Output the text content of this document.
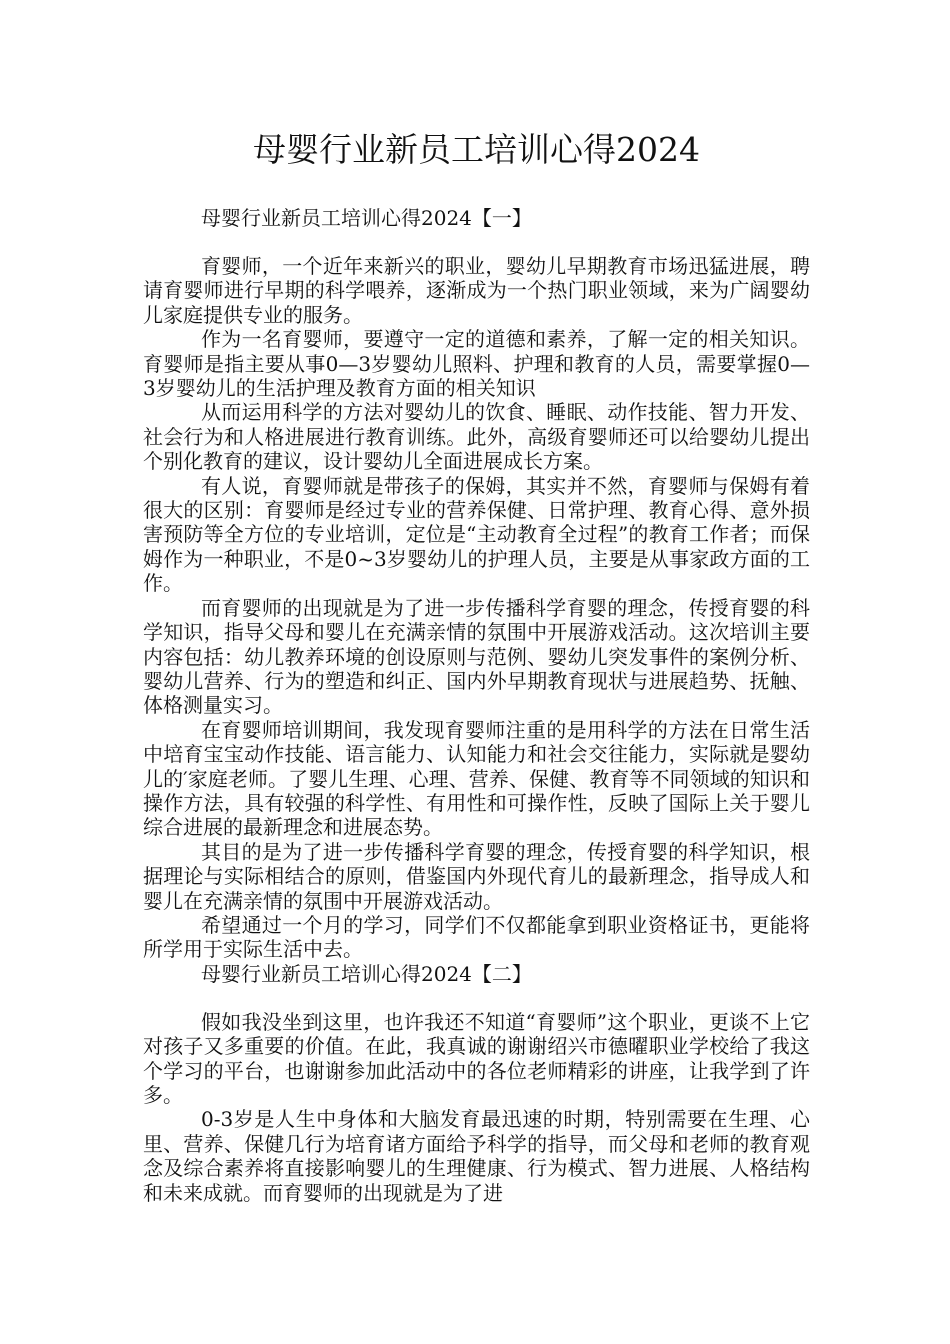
母婴行业新员工培训心得2024

母婴行业新员工培训心得2024【一】

育婴师，一个近年来新兴的职业，婴幼儿早期教育市场迅猛进展，聘请育婴师进行早期的科学喂养，逐渐成为一个热门职业领域，来为广阔婴幼儿家庭提供专业的服务。

作为一名育婴师，要遵守一定的道德和素养，了解一定的相关知识。育婴师是指主要从事0—3岁婴幼儿照料、护理和教育的人员，需要掌握0—3岁婴幼儿的生活护理及教育方面的相关知识

从而运用科学的方法对婴幼儿的饮食、睡眠、动作技能、智力开发、社会行为和人格进展进行教育训练。此外，高级育婴师还可以给婴幼儿提出个别化教育的建议，设计婴幼儿全面进展成长方案。

有人说，育婴师就是带孩子的保姆，其实并不然，育婴师与保姆有着很大的区别：育婴师是经过专业的营养保健、日常护理、教育心得、意外损害预防等全方位的专业培训，定位是“主动教育全过程”的教育工作者；而保姆作为一种职业，不是0~3岁婴幼儿的护理人员，主要是从事家政方面的工作。

而育婴师的出现就是为了进一步传播科学育婴的理念，传授育婴的科学知识，指导父母和婴儿在充满亲情的氛围中开展游戏活动。这次培训主要内容包括：幼儿教养环境的创设原则与范例、婴幼儿突发事件的案例分析、婴幼儿营养、行为的塑造和纠正、国内外早期教育现状与进展趋势、抚触、体格测量实习。

在育婴师培训期间，我发现育婴师注重的是用科学的方法在日常生活中培育宝宝动作技能、语言能力、认知能力和社会交往能力，实际就是婴幼儿的′家庭老师。了婴儿生理、心理、营养、保健、教育等不同领域的知识和操作方法，具有较强的科学性、有用性和可操作性，反映了国际上关于婴儿综合进展的最新理念和进展态势。

其目的是为了进一步传播科学育婴的理念，传授育婴的科学知识，根据理论与实际相结合的原则，借鉴国内外现代育儿的最新理念，指导成人和婴儿在充满亲情的氛围中开展游戏活动。

希望通过一个月的学习，同学们不仅都能拿到职业资格证书，更能将所学用于实际生活中去。

母婴行业新员工培训心得2024【二】

假如我没坐到这里，也许我还不知道“育婴师”这个职业，更谈不上它对孩子又多重要的价值。在此，我真诚的谢谢绍兴市德曜职业学校给了我这个学习的平台，也谢谢参加此活动中的各位老师精彩的讲座，让我学到了许多。

0-3岁是人生中身体和大脑发育最迅速的时期，特别需要在生理、心里、营养、保健几行为培育诸方面给予科学的指导，而父母和老师的教育观念及综合素养将直接影响婴儿的生理健康、行为模式、智力进展、人格结构和未来成就。而育婴师的出现就是为了进
